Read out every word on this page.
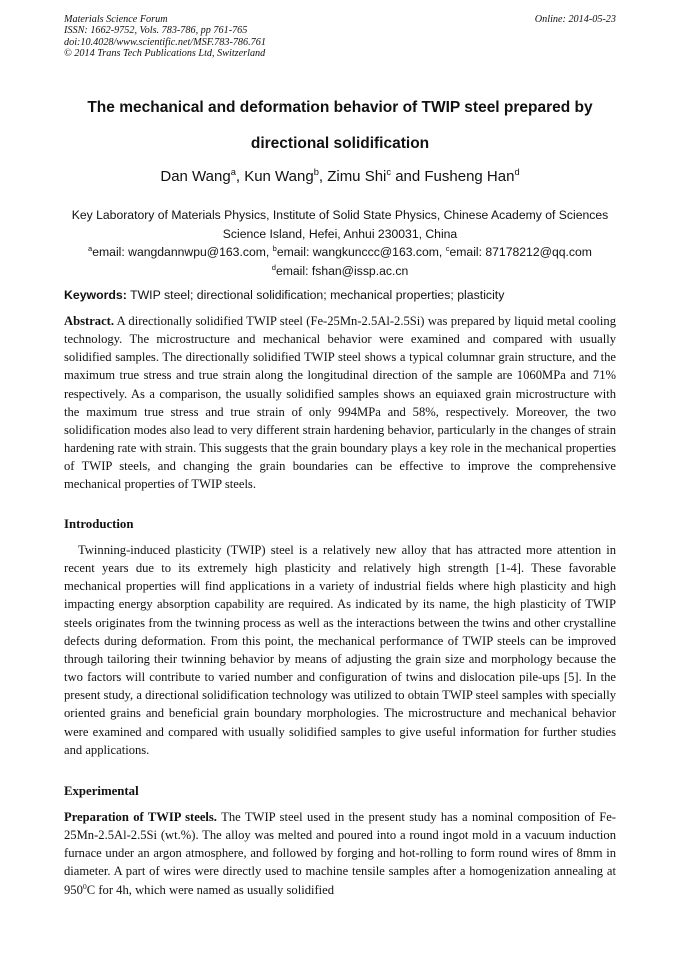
Materials Science Forum
ISSN: 1662-9752, Vols. 783-786, pp 761-765
doi:10.4028/www.scientific.net/MSF.783-786.761
© 2014 Trans Tech Publications Ltd, Switzerland
Online: 2014-05-23
The mechanical and deformation behavior of TWIP steel prepared by
directional solidification
Dan Wang$^a$, Kun Wang$^b$, Zimu Shi$^c$ and Fusheng Han$^d$
Key Laboratory of Materials Physics, Institute of Solid State Physics, Chinese Academy of Sciences
Science Island, Hefei, Anhui 230031, China
$^a$email: wangdannwpu@163.com, $^b$email: wangkunccc@163.com, $^c$email: 87178212@qq.com
$^d$email: fshan@issp.ac.cn
Keywords: TWIP steel; directional solidification; mechanical properties; plasticity
Abstract. A directionally solidified TWIP steel (Fe-25Mn-2.5Al-2.5Si) was prepared by liquid metal cooling technology. The microstructure and mechanical behavior were examined and compared with usually solidified samples. The directionally solidified TWIP steel shows a typical columnar grain structure, and the maximum true stress and true strain along the longitudinal direction of the sample are 1060MPa and 71% respectively. As a comparison, the usually solidified samples shows an equiaxed grain microstructure with the maximum true stress and true strain of only 994MPa and 58%, respectively. Moreover, the two solidification modes also lead to very different strain hardening behavior, particularly in the changes of strain hardening rate with strain. This suggests that the grain boundary plays a key role in the mechanical properties of TWIP steels, and changing the grain boundaries can be effective to improve the comprehensive mechanical properties of TWIP steels.
Introduction
Twinning-induced plasticity (TWIP) steel is a relatively new alloy that has attracted more attention in recent years due to its extremely high plasticity and relatively high strength [1-4]. These favorable mechanical properties will find applications in a variety of industrial fields where high plasticity and high impacting energy absorption capability are required. As indicated by its name, the high plasticity of TWIP steels originates from the twinning process as well as the interactions between the twins and other crystalline defects during deformation. From this point, the mechanical performance of TWIP steels can be improved through tailoring their twinning behavior by means of adjusting the grain size and morphology because the two factors will contribute to varied number and configuration of twins and dislocation pile-ups [5]. In the present study, a directional solidification technology was utilized to obtain TWIP steel samples with specially oriented grains and beneficial grain boundary morphologies. The microstructure and mechanical behavior were examined and compared with usually solidified samples to give useful information for further studies and applications.
Experimental
Preparation of TWIP steels. The TWIP steel used in the present study has a nominal composition of Fe-25Mn-2.5Al-2.5Si (wt.%). The alloy was melted and poured into a round ingot mold in a vacuum induction furnace under an argon atmosphere, and followed by forging and hot-rolling to form round wires of 8mm in diameter. A part of wires were directly used to machine tensile samples after a homogenization annealing at $950^0C$ for 4h, which were named as usually solidified
